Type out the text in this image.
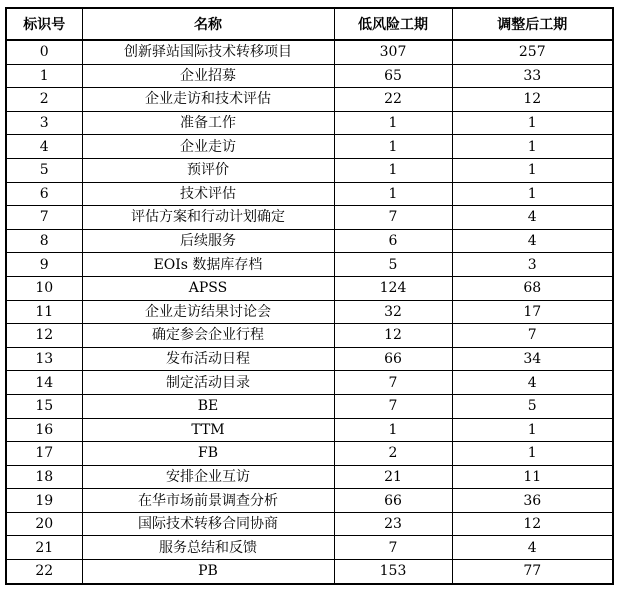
标识号	名称	低风险工期	调整后工期
0	创新驿站国际技术转移项目	307	257
1	企业招募	65	33
2	企业走访和技术评估	22	12
3	准备工作	1	1
4	企业走访	1	1
5	预评价	1	1
6	技术评估	1	1
7	评估方案和行动计划确定	7	4
8	后续服务	6	4
9	EOIs 数据库存档	5	3
10	APSS	124	68
11	企业走访结果讨论会	32	17
12	确定参会企业行程	12	7
13	发布活动日程	66	34
14	制定活动目录	7	4
15	BE	7	5
16	TTM	1	1
17	FB	2	1
18	安排企业互访	21	11
19	在华市场前景调查分析	66	36
20	国际技术转移合同协商	23	12
21	服务总结和反馈	7	4
22	PB	153	77
